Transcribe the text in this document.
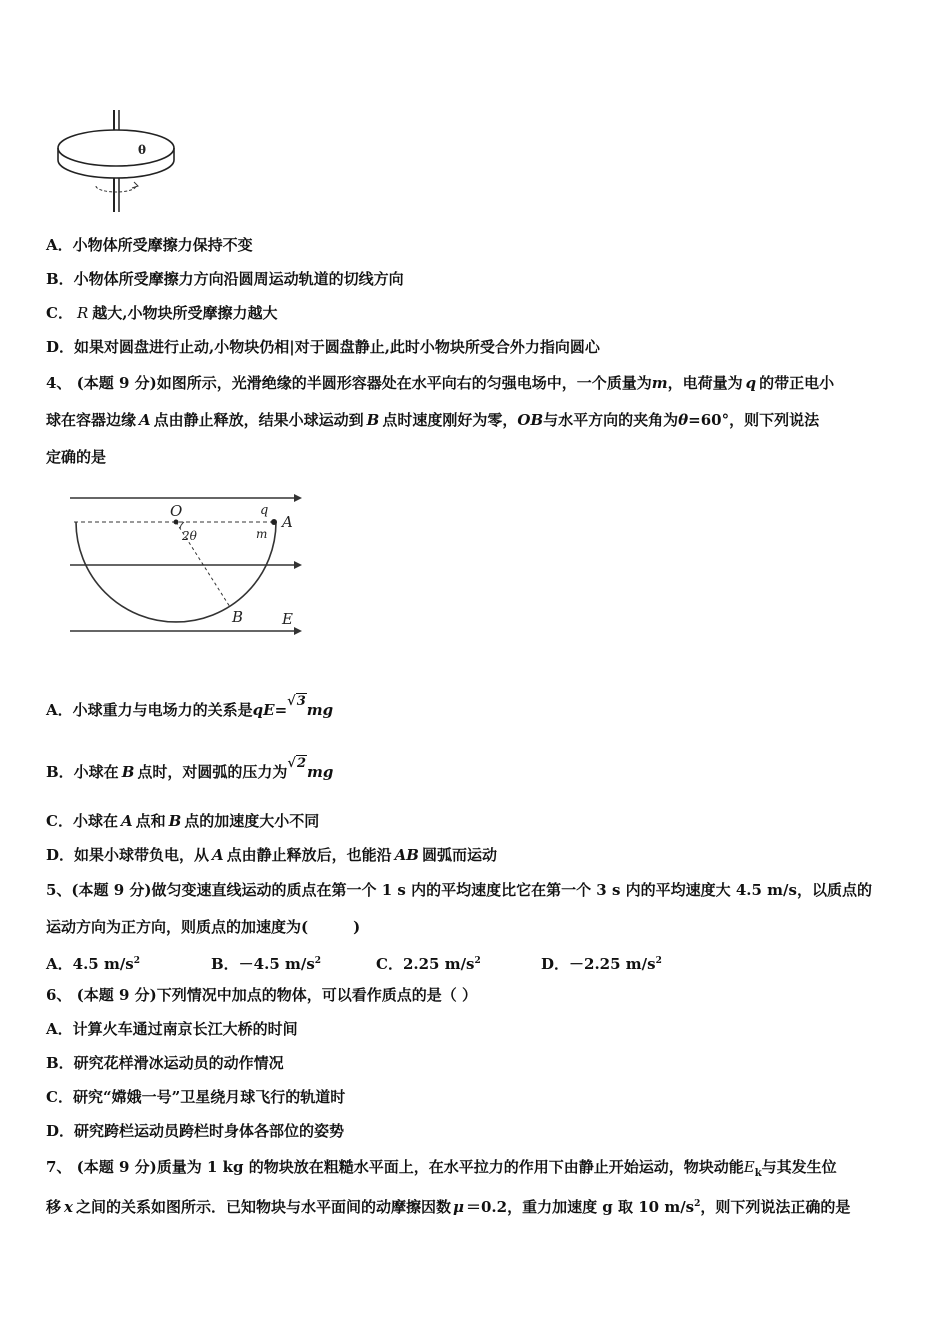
θ
A．小物体所受摩擦力保持不变
B．小物体所受摩擦力方向沿圆周运动轨道的切线方向
C． R 越大,小物块所受摩擦力越大
D．如果对圆盘进行止动,小物块仍相|对于圆盘静止,此时小物块所受合外力指向圆心
4、 (本题 9 分)如图所示，光滑绝缘的半圆形容器处在水平向右的匀强电场中，一个质量为m，电荷量为 q 的带正电小
球在容器边缘 A 点由静止释放，结果小球运动到 B 点时速度刚好为零，OB与水平方向的夹角为θ=60°，则下列说法
定确的是
O
2θ
q
m
A
B	E
A．小球重力与电场力的关系是qE=√3mg
B．小球在 B 点时，对圆弧的压力为√2mg
C．小球在 A 点和 B 点的加速度大小不同
D．如果小球带负电，从 A 点由静止释放后，也能沿 AB 圆弧而运动
5、(本题 9 分)做匀变速直线运动的质点在第一个 1 s 内的平均速度比它在第一个 3 s 内的平均速度大 4.5 m/s，以质点的
运动方向为正方向，则质点的加速度为(　　　)
A．4.5 $m/s^2$	B．－4.5 $m/s^2$	C．2.25 $m/s^2$	D．－2.25 $m/s^2$
6、 (本题 9 分)下列情况中加点的物体，可以看作质点的是（ ）
A．计算火车通过南京长江大桥的时间
B．研究花样滑冰运动员的动作情况
C．研究“嫦娥一号”卫星绕月球飞行的轨道时
D．研究跨栏运动员跨栏时身体各部位的姿势
7、 (本题 9 分)质量为 1 kg 的物块放在粗糙水平面上，在水平拉力的作用下由静止开始运动，物块动能$E_k$与其发生位
移 x 之间的关系如图所示．已知物块与水平面间的动摩擦因数 μ ＝0.2，重力加速度 g 取 10 $m/s^2$，则下列说法正确的是
